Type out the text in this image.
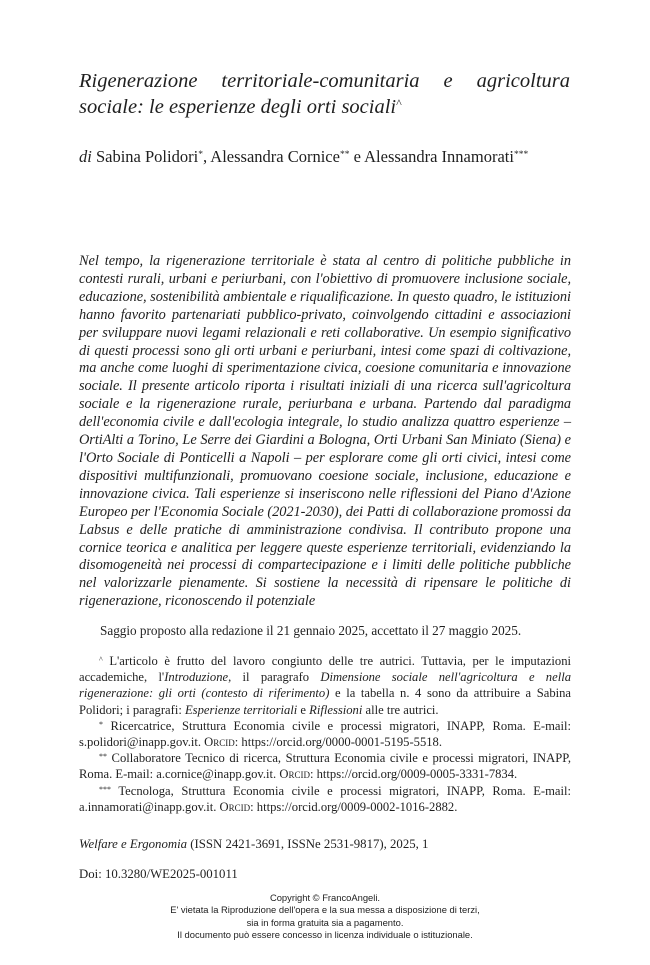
Rigenerazione territoriale-comunitaria e agricoltura sociale: le esperienze degli orti sociali^

di Sabina Polidori*, Alessandra Cornice** e Alessandra Innamorati***

Nel tempo, la rigenerazione territoriale è stata al centro di politiche pubbliche in contesti rurali, urbani e periurbani, con l'obiettivo di promuovere inclusione sociale, educazione, sostenibilità ambientale e riqualificazione. In questo quadro, le istituzioni hanno favorito partenariati pubblico-privato, coinvolgendo cittadini e associazioni per sviluppare nuovi legami relazionali e reti collaborative. Un esempio significativo di questi processi sono gli orti urbani e periurbani, intesi come spazi di coltivazione, ma anche come luoghi di sperimentazione civica, coesione comunitaria e innovazione sociale. Il presente articolo riporta i risultati iniziali di una ricerca sull'agricoltura sociale e la rigenerazione rurale, periurbana e urbana. Partendo dal paradigma dell'economia civile e dall'ecologia integrale, lo studio analizza quattro esperienze – OrtiAlti a Torino, Le Serre dei Giardini a Bologna, Orti Urbani San Miniato (Siena) e l'Orto Sociale di Ponticelli a Napoli – per esplorare come gli orti civici, intesi come dispositivi multifunzionali, promuovano coesione sociale, inclusione, educazione e innovazione civica. Tali esperienze si inseriscono nelle riflessioni del Piano d'Azione Europeo per l'Economia Sociale (2021-2030), dei Patti di collaborazione promossi da Labsus e delle pratiche di amministrazione condivisa. Il contributo propone una cornice teorica e analitica per leggere queste esperienze territoriali, evidenziando la disomogeneità nei processi di compartecipazione e i limiti delle politiche pubbliche nel valorizzarle pienamente. Si sostiene la necessità di ripensare le politiche di rigenerazione, riconoscendo il potenziale

Saggio proposto alla redazione il 21 gennaio 2025, accettato il 27 maggio 2025.

^ L'articolo è frutto del lavoro congiunto delle tre autrici. Tuttavia, per le imputazioni accademiche, l'Introduzione, il paragrafo Dimensione sociale nell'agricoltura e nella rigenerazione: gli orti (contesto di riferimento) e la tabella n. 4 sono da attribuire a Sabina Polidori; i paragrafi: Esperienze territoriali e Riflessioni alle tre autrici.

* Ricercatrice, Struttura Economia civile e processi migratori, INAPP, Roma. E-mail: s.polidori@inapp.gov.it. Orcid: https://orcid.org/0000-0001-5195-5518.

** Collaboratore Tecnico di ricerca, Struttura Economia civile e processi migratori, INAPP, Roma. E-mail: a.cornice@inapp.gov.it. Orcid: https://orcid.org/0009-0005-3331-7834.

*** Tecnologa, Struttura Economia civile e processi migratori, INAPP, Roma. E-mail: a.innamorati@inapp.gov.it. Orcid: https://orcid.org/0009-0002-1016-2882.

Welfare e Ergonomia (ISSN 2421-3691, ISSNe 2531-9817), 2025, 1

Doi: 10.3280/WE2025-001011

Copyright © FrancoAngeli.
E' vietata la Riproduzione dell'opera e la sua messa a disposizione di terzi,
sia in forma gratuita sia a pagamento.
Il documento può essere concesso in licenza individuale o istituzionale.
